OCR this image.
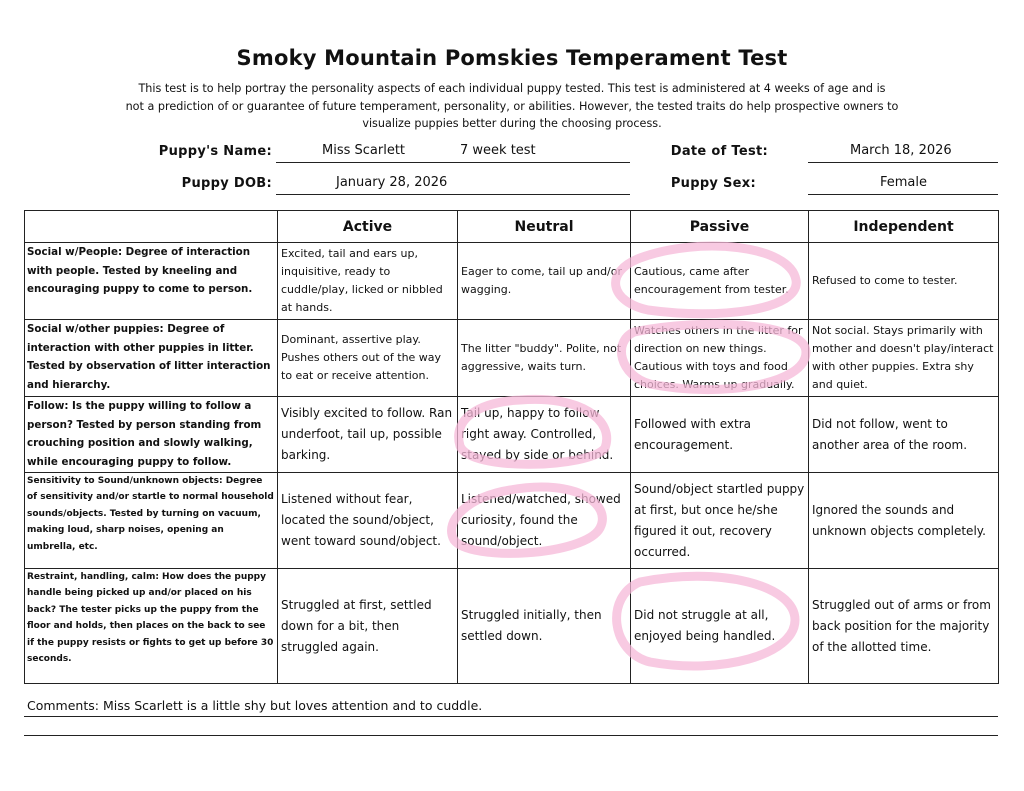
Smoky Mountain Pomskies Temperament Test
This test is to help portray the personality aspects of each individual puppy tested. This test is administered at 4 weeks of age and is
not a prediction of or guarantee of future temperament, personality, or abilities. However, the tested traits do help prospective owners to
visualize puppies better during the choosing process.
Puppy's Name:	Miss Scarlett	7 week test	Date of Test:	March 18, 2026
Puppy DOB:	January 28, 2026	Puppy Sex:	Female
	Active	Neutral	Passive	Independent
Social w/People: Degree of interaction with people. Tested by kneeling and encouraging puppy to come to person.	Excited, tail and ears up, inquisitive, ready to cuddle/play, licked or nibbled at hands.	Eager to come, tail up and/or wagging.	Cautious, came after encouragement from tester.	Refused to come to tester.
Social w/other puppies: Degree of interaction with other puppies in litter. Tested by observation of litter interaction and hierarchy.	Dominant, assertive play. Pushes others out of the way to eat or receive attention.	The litter "buddy". Polite, not aggressive, waits turn.	Watches others in the litter for direction on new things. Cautious with toys and food choices. Warms up gradually.	Not social. Stays primarily with mother and doesn't play/interact with other puppies. Extra shy and quiet.
Follow: Is the puppy willing to follow a person? Tested by person standing from crouching position and slowly walking, while encouraging puppy to follow.	Visibly excited to follow. Ran underfoot, tail up, possible barking.	Tail up, happy to follow right away. Controlled, stayed by side or behind.	Followed with extra encouragement.	Did not follow, went to another area of the room.
Sensitivity to Sound/unknown objects: Degree of sensitivity and/or startle to normal household sounds/objects. Tested by turning on vacuum, making loud, sharp noises, opening an umbrella, etc.	Listened without fear, located the sound/object, went toward sound/object.	Listened/watched, showed curiosity, found the sound/object.	Sound/object startled puppy at first, but once he/she figured it out, recovery occurred.	Ignored the sounds and unknown objects completely.
Restraint, handling, calm: How does the puppy handle being picked up and/or placed on his back? The tester picks up the puppy from the floor and holds, then places on the back to see if the puppy resists or fights to get up before 30 seconds.	Struggled at first, settled down for a bit, then struggled again.	Struggled initially, then settled down.	Did not struggle at all, enjoyed being handled.	Struggled out of arms or from back position for the majority of the allotted time.
Comments: Miss Scarlett is a little shy but loves attention and to cuddle.
